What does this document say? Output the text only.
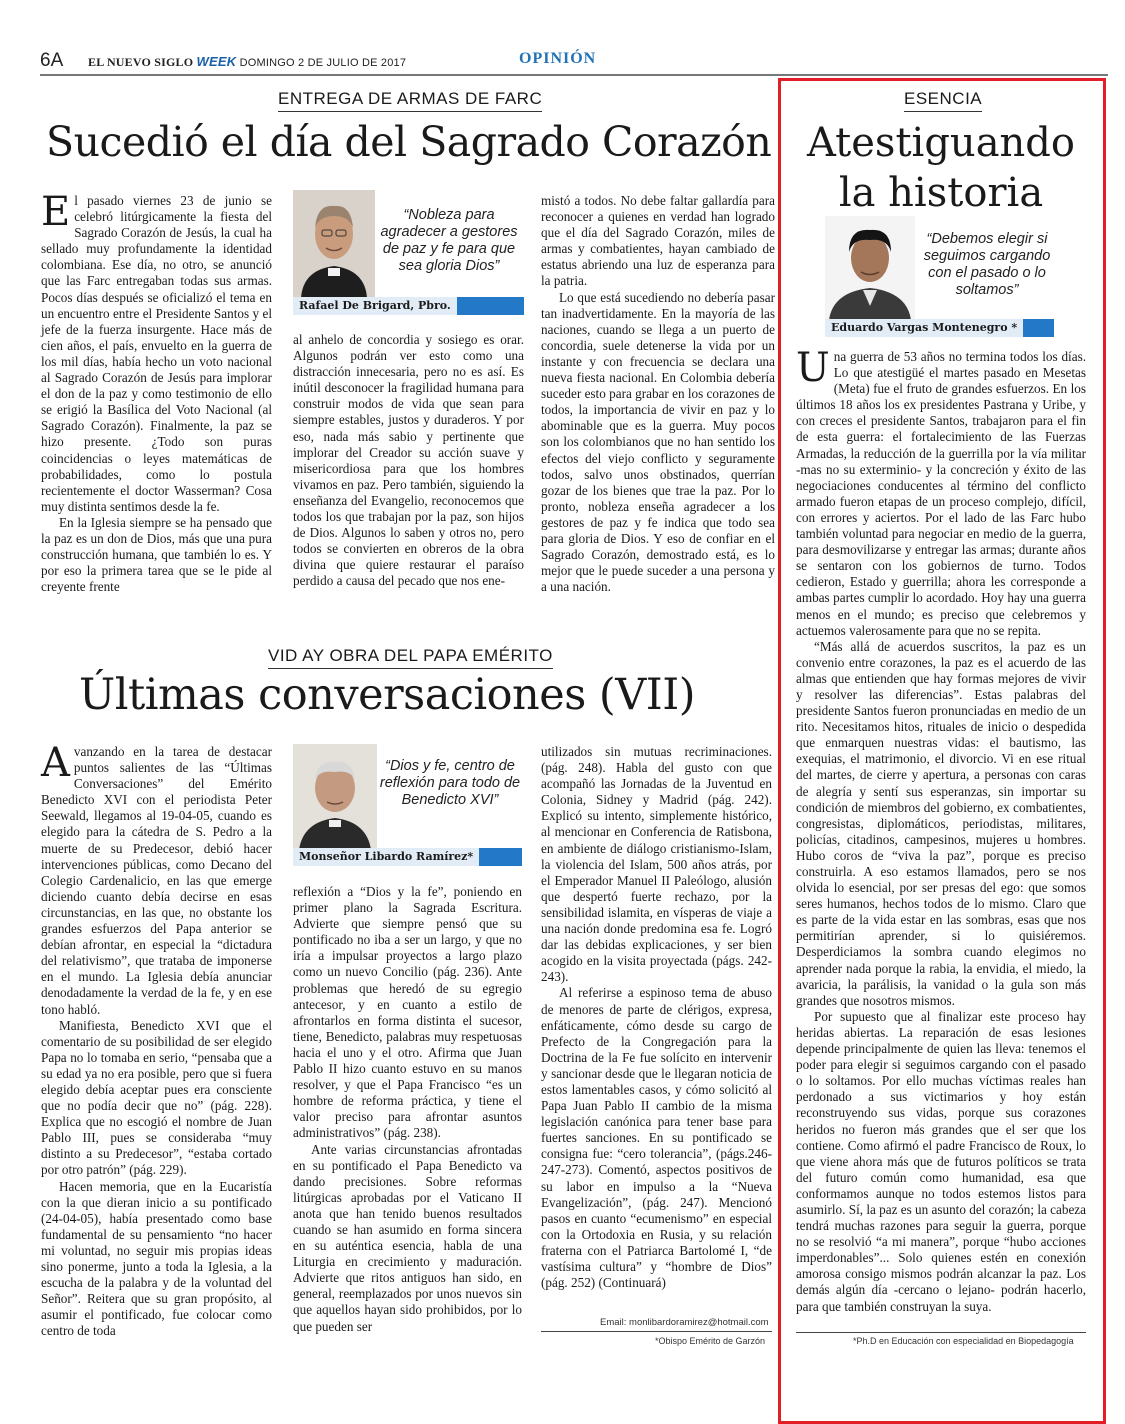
6A EL NUEVO SIGLO WEEK DOMINGO 2 DE JULIO DE 2017	OPINIÓN
ENTREGA DE ARMAS DE FARC
Sucedió el día del Sagrado Corazón

El pasado viernes 23 de junio se celebró litúrgicamente la fiesta del Sagrado Corazón de Jesús, la cual ha sellado muy profundamente la identidad colombiana. Ese día, no otro, se anunció que las Farc entregaban todas sus armas. Pocos días después se oficializó el tema en un encuentro entre el Presidente Santos y el jefe de la fuerza insurgente. Hace más de cien años, el país, envuelto en la guerra de los mil días, había hecho un voto nacional al Sagrado Corazón de Jesús para implorar el don de la paz y como testimonio de ello se erigió la Basílica del Voto Nacional (al Sagrado Corazón). Finalmente, la paz se hizo presente. ¿Todo son puras coincidencias o leyes matemáticas de probabilidades, como lo postula recientemente el doctor Wasserman? Cosa muy distinta sentimos desde la fe.

En la Iglesia siempre se ha pensado que la paz es un don de Dios, más que una pura construcción humana, que también lo es. Y por eso la primera tarea que se le pide al creyente frente

“Nobleza para agradecer a gestores de paz y fe para que sea gloria Dios”
Rafael De Brigard, Pbro.

al anhelo de concordia y sosiego es orar. Algunos podrán ver esto como una distracción innecesaria, pero no es así. Es inútil desconocer la fragilidad humana para construir modos de vida que sean para siempre estables, justos y duraderos. Y por eso, nada más sabio y pertinente que implorar del Creador su acción suave y misericordiosa para que los hombres vivamos en paz. Pero también, siguiendo la enseñanza del Evangelio, reconocemos que todos los que trabajan por la paz, son hijos de Dios. Algunos lo saben y otros no, pero todos se convierten en obreros de la obra divina que quiere restaurar el paraíso perdido a causa del pecado que nos ene-

mistó a todos. No debe faltar gallardía para reconocer a quienes en verdad han logrado que el día del Sagrado Corazón, miles de armas y combatientes, hayan cambiado de estatus abriendo una luz de esperanza para la patria.

Lo que está sucediendo no debería pasar tan inadvertidamente. En la mayoría de las naciones, cuando se llega a un puerto de concordia, suele detenerse la vida por un instante y con frecuencia se declara una nueva fiesta nacional. En Colombia debería suceder esto para grabar en los corazones de todos, la importancia de vivir en paz y lo abominable que es la guerra. Muy pocos son los colombianos que no han sentido los efectos del viejo conflicto y seguramente todos, salvo unos obstinados, querrían gozar de los bienes que trae la paz. Por lo pronto, nobleza enseña agradecer a los gestores de paz y fe indica que todo sea para gloria de Dios. Y eso de confiar en el Sagrado Corazón, demostrado está, es lo mejor que le puede suceder a una persona y a una nación.

VID AY OBRA DEL PAPA EMÉRITO
Últimas conversaciones (VII)

Avanzando en la tarea de destacar puntos salientes de las “Últimas Conversaciones” del Emérito Benedicto XVI con el periodista Peter Seewald, llegamos al 19-04-05, cuando es elegido para la cátedra de S. Pedro a la muerte de su Predecesor, debió hacer intervenciones públicas, como Decano del Colegio Cardenalicio, en las que emerge diciendo cuanto debía decirse en esas circunstancias, en las que, no obstante los grandes esfuerzos del Papa anterior se debían afrontar, en especial la “dictadura del relativismo”, que trataba de imponerse en el mundo. La Iglesia debía anunciar denodadamente la verdad de la fe, y en ese tono habló.

Manifiesta, Benedicto XVI que el comentario de su posibilidad de ser elegido Papa no lo tomaba en serio, “pensaba que a su edad ya no era posible, pero que si fuera elegido debía aceptar pues era consciente que no podía decir que no” (pág. 228). Explica que no escogió el nombre de Juan Pablo III, pues se consideraba “muy distinto a su Predecesor”, “estaba cortado por otro patrón” (pág. 229).

Hacen memoria, que en la Eucaristía con la que dieran inicio a su pontificado (24-04-05), había presentado como base fundamental de su pensamiento “no hacer mi voluntad, no seguir mis propias ideas sino ponerme, junto a toda la Iglesia, a la escucha de la palabra y de la voluntad del Señor”. Reitera que su gran propósito, al asumir el pontificado, fue colocar como centro de toda

“Dios y fe, centro de reflexión para todo de Benedicto XVI”
Monseñor Libardo Ramírez*

reflexión a “Dios y la fe”, poniendo en primer plano la Sagrada Escritura. Advierte que siempre pensó que su pontificado no iba a ser un largo, y que no iría a impulsar proyectos a largo plazo como un nuevo Concilio (pág. 236). Ante problemas que heredó de su egregio antecesor, y en cuanto a estilo de afrontarlos en forma distinta el sucesor, tiene, Benedicto, palabras muy respetuosas hacia el uno y el otro. Afirma que Juan Pablo II hizo cuanto estuvo en su manos resolver, y que el Papa Francisco “es un hombre de reforma práctica, y tiene el valor preciso para afrontar asuntos administrativos” (pág. 238).

Ante varias circunstancias afrontadas en su pontificado el Papa Benedicto va dando precisiones. Sobre reformas litúrgicas aprobadas por el Vaticano II anota que han tenido buenos resultados cuando se han asumido en forma sincera en su auténtica esencia, habla de una Liturgia en crecimiento y maduración. Advierte que ritos antiguos han sido, en general, reemplazados por unos nuevos sin que aquellos hayan sido prohibidos, por lo que pueden ser

utilizados sin mutuas recriminaciones. (pág. 248). Habla del gusto con que acompañó las Jornadas de la Juventud en Colonia, Sidney y Madrid (pág. 242). Explicó su intento, simplemente histórico, al mencionar en Conferencia de Ratisbona, en ambiente de diálogo cristianismo-Islam, la violencia del Islam, 500 años atrás, por el Emperador Manuel II Paleólogo, alusión que despertó fuerte rechazo, por la sensibilidad islamita, en vísperas de viaje a una nación donde predomina esa fe. Logró dar las debidas explicaciones, y ser bien acogido en la visita proyectada (págs. 242-243).

Al referirse a espinoso tema de abuso de menores de parte de clérigos, expresa, enfáticamente, cómo desde su cargo de Prefecto de la Congregación para la Doctrina de la Fe fue solícito en intervenir y sancionar desde que le llegaran noticia de estos lamentables casos, y cómo solicitó al Papa Juan Pablo II cambio de la misma legislación canónica para tener base para fuertes sanciones. En su pontificado se consigna fue: “cero tolerancia”, (págs.246-247-273). Comentó, aspectos positivos de su labor en impulso a la “Nueva Evangelización”, (pág. 247). Mencionó pasos en cuanto “ecumenismo” en especial con la Ortodoxia en Rusia, y su relación fraterna con el Patriarca Bartolomé I, “de vastísima cultura” y “hombre de Dios” (pág. 252) (Continuará)

Email: monlibardoramirez@hotmail.com
*Obispo Emérito de Garzón
ESENCIA
Atestiguando
la historia
“Debemos elegir si seguimos cargando con el pasado o lo soltamos”
Eduardo Vargas Montenegro *

Una guerra de 53 años no termina todos los días. Lo que atestigüé el martes pasado en Mesetas (Meta) fue el fruto de grandes esfuerzos. En los últimos 18 años los ex presidentes Pastrana y Uribe, y con creces el presidente Santos, trabajaron para el fin de esta guerra: el fortalecimiento de las Fuerzas Armadas, la reducción de la guerrilla por la vía militar -mas no su exterminio- y la concreción y éxito de las negociaciones conducentes al término del conflicto armado fueron etapas de un proceso complejo, difícil, con errores y aciertos. Por el lado de las Farc hubo también voluntad para negociar en medio de la guerra, para desmovilizarse y entregar las armas; durante años se sentaron con los gobiernos de turno. Todos cedieron, Estado y guerrilla; ahora les corresponde a ambas partes cumplir lo acordado. Hoy hay una guerra menos en el mundo; es preciso que celebremos y actuemos valerosamente para que no se repita.

“Más allá de acuerdos suscritos, la paz es un convenio entre corazones, la paz es el acuerdo de las almas que entienden que hay formas mejores de vivir y resolver las diferencias”. Estas palabras del presidente Santos fueron pronunciadas en medio de un rito. Necesitamos hitos, rituales de inicio o despedida que enmarquen nuestras vidas: el bautismo, las exequias, el matrimonio, el divorcio. Vi en ese ritual del martes, de cierre y apertura, a personas con caras de alegría y sentí sus esperanzas, sin importar su condición de miembros del gobierno, ex combatientes, congresistas, diplomáticos, periodistas, militares, policías, citadinos, campesinos, mujeres u hombres. Hubo coros de “viva la paz”, porque es preciso construirla. A eso estamos llamados, pero se nos olvida lo esencial, por ser presas del ego: que somos seres humanos, hechos todos de lo mismo. Claro que es parte de la vida estar en las sombras, esas que nos permitirían aprender, si lo quisiéremos. Desperdiciamos la sombra cuando elegimos no aprender nada porque la rabia, la envidia, el miedo, la avaricia, la parálisis, la vanidad o la gula son más grandes que nosotros mismos.

Por supuesto que al finalizar este proceso hay heridas abiertas. La reparación de esas lesiones depende principalmente de quien las lleva: tenemos el poder para elegir si seguimos cargando con el pasado o lo soltamos. Por ello muchas víctimas reales han perdonado a sus victimarios y hoy están reconstruyendo sus vidas, porque sus corazones heridos no fueron más grandes que el ser que los contiene. Como afirmó el padre Francisco de Roux, lo que viene ahora más que de futuros políticos se trata del futuro común como humanidad, esa que conformamos aunque no todos estemos listos para asumirlo. Sí, la paz es un asunto del corazón; la cabeza tendrá muchas razones para seguir la guerra, porque no se resolvió “a mi manera”, porque “hubo acciones imperdonables”... Solo quienes estén en conexión amorosa consigo mismos podrán alcanzar la paz. Los demás algún día -cercano o lejano- podrán hacerlo, para que también construyan la suya.

*Ph.D en Educación con especialidad en Biopedagogía
